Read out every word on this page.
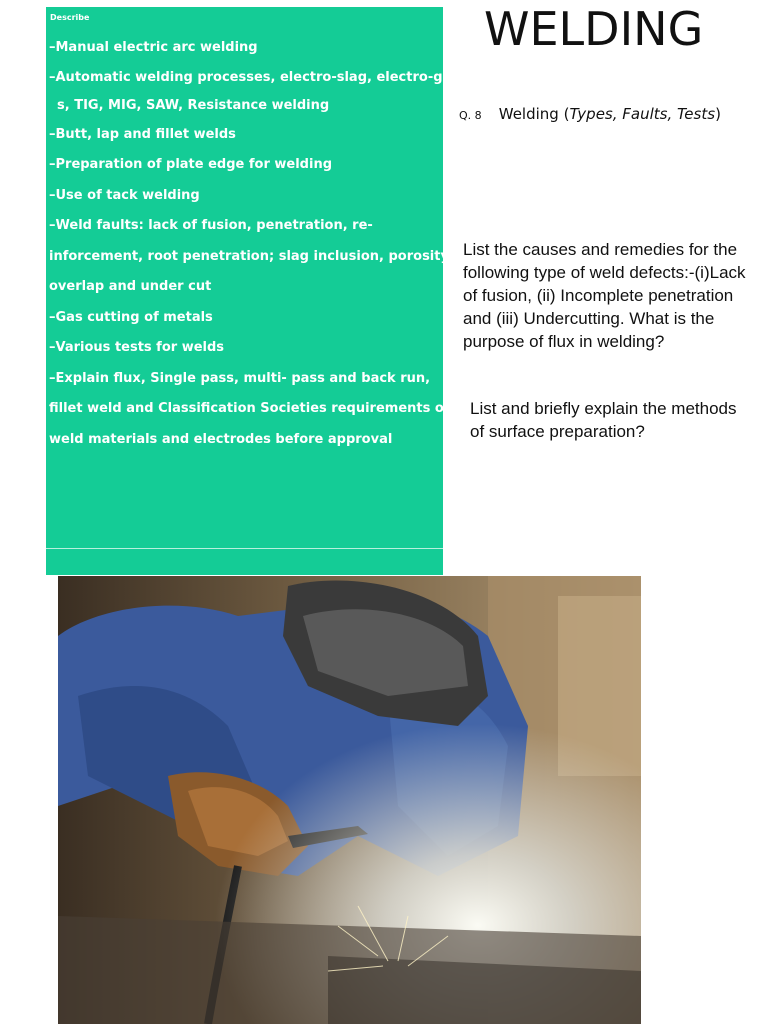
Describe
–Manual electric arc welding
–Automatic welding processes, electro-slag, electro-ga
s, TIG, MIG, SAW, Resistance welding
–Butt, lap and fillet welds
–Preparation of plate edge for welding
–Use of tack welding
–Weld faults: lack of fusion, penetration, re-
inforcement, root penetration; slag inclusion, porosity,
overlap and under cut
–Gas cutting of metals
–Various tests for welds
–Explain flux, Single pass, multi- pass and back run,
fillet weld and Classification Societies requirements on
weld materials and electrodes before approval
WELDING
Q. 8 Welding (Types, Faults, Tests)
List the causes and remedies for the following type of weld defects:-(i)Lack of fusion, (ii) Incomplete penetration and (iii) Undercutting. What is the purpose of flux in welding?
List and briefly explain the methods of surface preparation?
